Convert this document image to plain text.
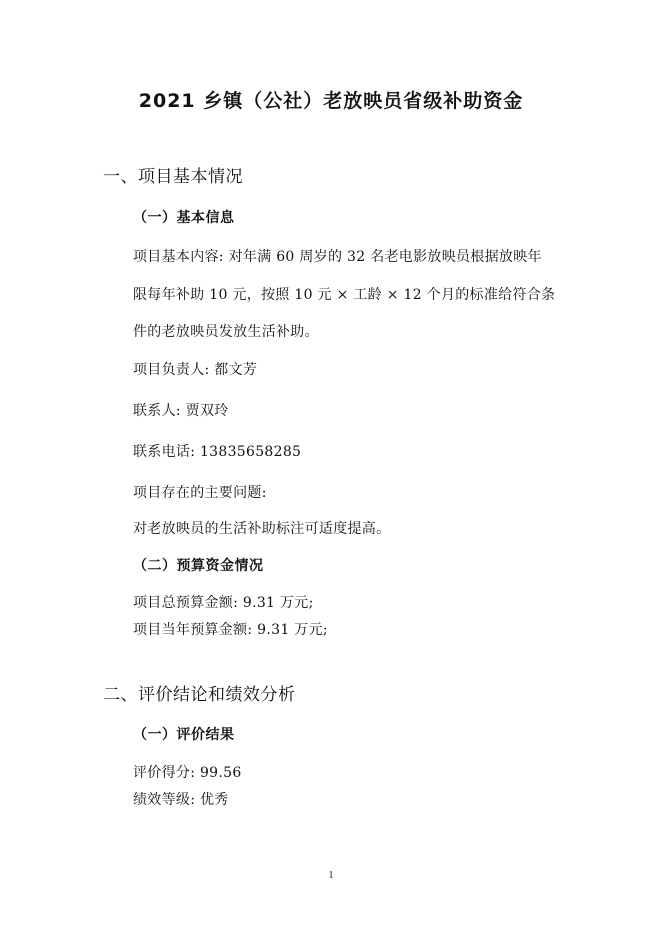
2021 乡镇（公社）老放映员省级补助资金
一、项目基本情况
（一）基本信息
项目基本内容: 对年满 60 周岁的 32 名老电影放映员根据放映年
限每年补助 10 元，按照 10 元 × 工龄 × 12 个月的标准给符合条
件的老放映员发放生活补助。
项目负责人: 都文芳
联系人: 贾双玲
联系电话: 13835658285
项目存在的主要问题:
对老放映员的生活补助标注可适度提高。
（二）预算资金情况
项目总预算金额: 9.31 万元;
项目当年预算金额: 9.31 万元;
二、评价结论和绩效分析
（一）评价结果
评价得分: 99.56
绩效等级: 优秀
1
